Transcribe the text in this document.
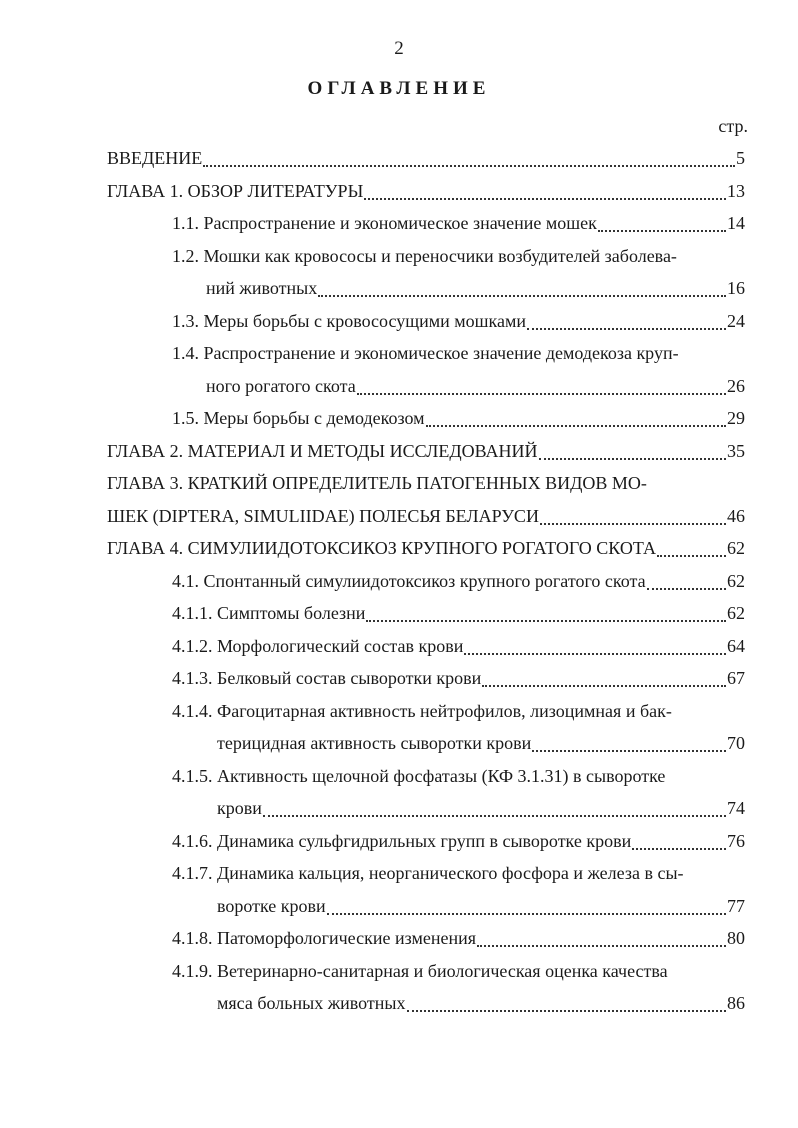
2
ОГЛАВЛЕНИЕ
стр.
ВВЕДЕНИЕ	5
ГЛАВА 1. ОБЗОР ЛИТЕРАТУРЫ	13
1.1. Распространение и экономическое значение мошек	14
1.2. Мошки как кровососы и переносчики возбудителей заболева-
ний животных	16
1.3. Меры борьбы с кровососущими мошками	24
1.4. Распространение и экономическое значение демодекоза круп-
ного рогатого скота	26
1.5. Меры борьбы с демодекозом	29
ГЛАВА 2. МАТЕРИАЛ И МЕТОДЫ ИССЛЕДОВАНИЙ	35
ГЛАВА 3. КРАТКИЙ ОПРЕДЕЛИТЕЛЬ ПАТОГЕННЫХ ВИДОВ МО-
ШЕК (DIPTERA, SIMULIIDAE) ПОЛЕСЬЯ БЕЛАРУСИ	46
ГЛАВА 4. СИМУЛИИДОТОКСИКОЗ КРУПНОГО РОГАТОГО СКОТА	62
4.1. Спонтанный симулиидотоксикоз крупного рогатого скота	62
4.1.1. Симптомы болезни	62
4.1.2. Морфологический состав крови	64
4.1.3. Белковый состав сыворотки крови	67
4.1.4. Фагоцитарная активность нейтрофилов, лизоцимная и бак-
терицидная активность сыворотки крови	70
4.1.5. Активность щелочной фосфатазы (КФ 3.1.31) в сыворотке
крови	74
4.1.6. Динамика сульфгидрильных групп в сыворотке крови	76
4.1.7. Динамика кальция, неорганического фосфора и железа в сы-
воротке крови	77
4.1.8. Патоморфологические изменения	80
4.1.9. Ветеринарно-санитарная и биологическая оценка качества
мяса больных животных	86
